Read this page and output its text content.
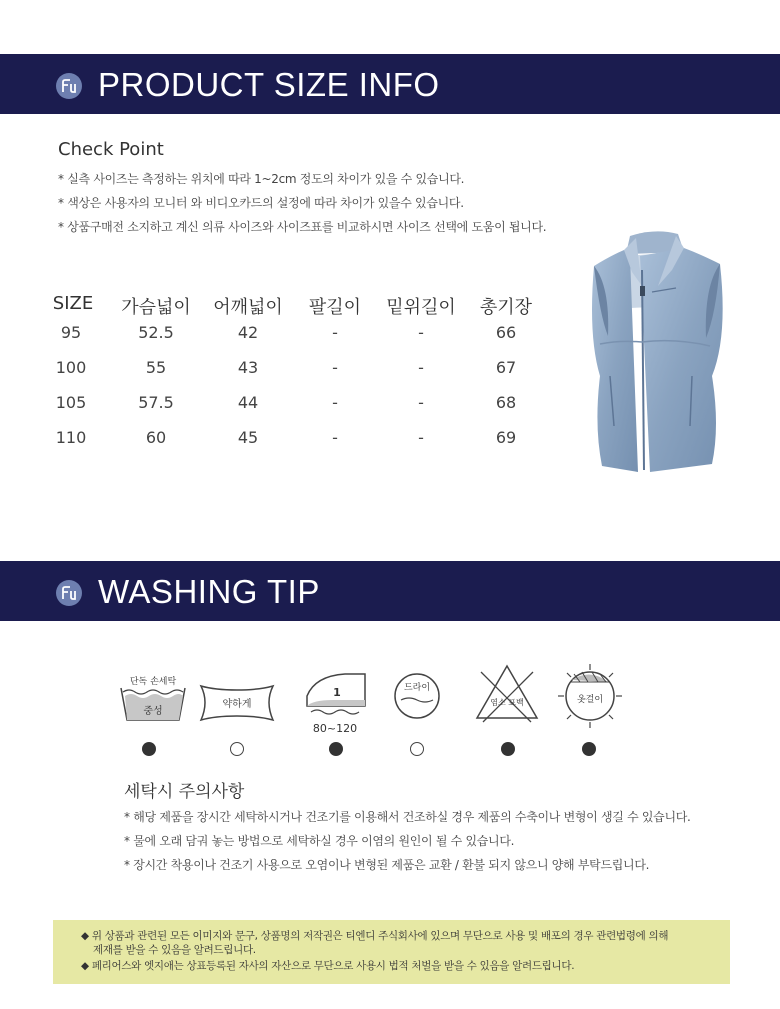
PRODUCT SIZE INFO
Check Point
* 실측 사이즈는 측정하는 위치에 따라 1~2cm 정도의 차이가 있을 수 있습니다.
* 색상은 사용자의 모니터 와 비디오카드의 설정에 따라 차이가 있을수 있습니다.
* 상품구매전 소지하고 계신 의류 사이즈와 사이즈표를 비교하시면 사이즈 선택에 도움이 됩니다.
SIZE	가슴넓이	어깨넓이	팔길이	밑위길이	총기장
95	52.5	42	-	-	66
100	55	43	-	-	67
105	57.5	44	-	-	68
110	60	45	-	-	69
WASHING TIP
단독 손세탁
중성
약하게
1
80~120
드라이
염소 표백	옷걸이
세탁시 주의사항
* 해당 제품을 장시간 세탁하시거나 건조기를 이용해서 건조하실 경우 제품의 수축이나 변형이 생길 수 있습니다.
* 물에 오래 담궈 놓는 방법으로 세탁하실 경우 이염의 원인이 될 수 있습니다.
* 장시간 착용이나 건조기 사용으로 오염이나 변형된 제품은 교환 / 환불 되지 않으니 양해 부탁드립니다.
◆ 위 상품과 관련된 모든 이미지와 문구, 상품명의 저작권은 티엔디 주식회사에 있으며 무단으로 사용 및 배포의 경우 관련법령에 의해
제재를 받을 수 있음을 알려드립니다.
◆ 페리어스와 엣지애는 상표등록된 자사의 자산으로 무단으로 사용시 법적 처벌을 받을 수 있음을 알려드립니다.
